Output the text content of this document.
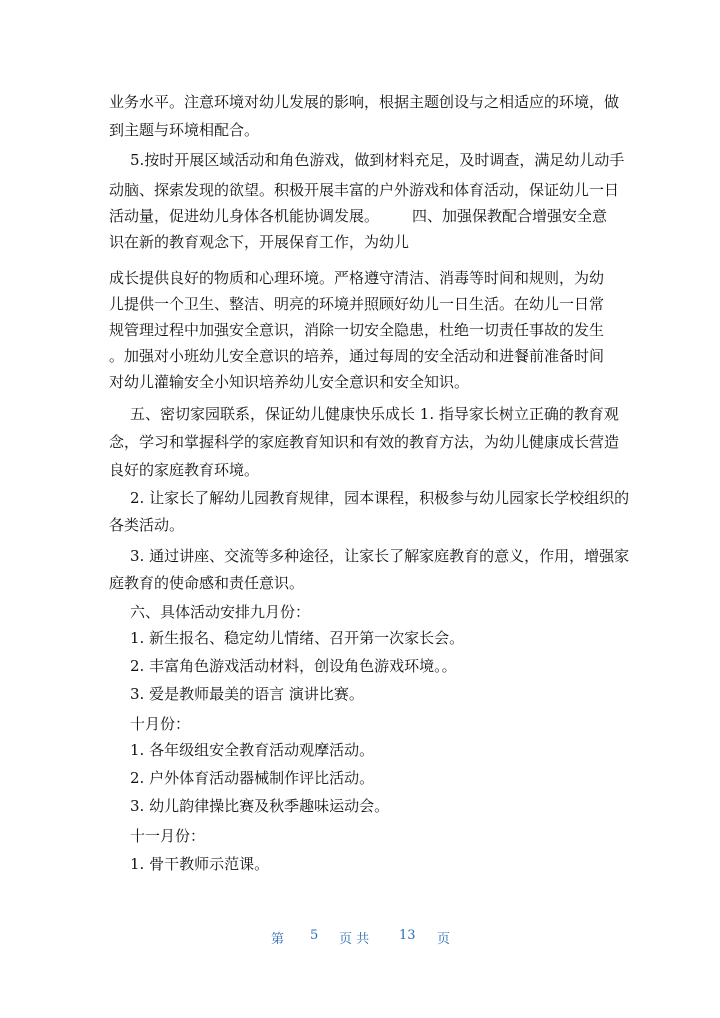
业务水平。注意环境对幼儿发展的影响，根据主题创设与之相适应的环境，做
到主题与环境相配合。
5.按时开展区域活动和角色游戏，做到材料充足，及时调查，满足幼儿动手
动脑、探索发现的欲望。积极开展丰富的户外游戏和体育活动，保证幼儿一日
活动量，促进幼儿身体各机能协调发展。 四、加强保教配合增强安全意
识在新的教育观念下，开展保育工作，为幼儿
成长提供良好的物质和心理环境。严格遵守清洁、消毒等时间和规则，为幼
儿提供一个卫生、整洁、明亮的环境并照顾好幼儿一日生活。在幼儿一日常
规管理过程中加强安全意识，消除一切安全隐患，杜绝一切责任事故的发生
。加强对小班幼儿安全意识的培养，通过每周的安全活动和进餐前准备时间
对幼儿灌输安全小知识培养幼儿安全意识和安全知识。
五、密切家园联系，保证幼儿健康快乐成长 1. 指导家长树立正确的教育观
念，学习和掌握科学的家庭教育知识和有效的教育方法，为幼儿健康成长营造
良好的家庭教育环境。
2. 让家长了解幼儿园教育规律，园本课程，积极参与幼儿园家长学校组织的
各类活动。
3. 通过讲座、交流等多种途径，让家长了解家庭教育的意义，作用，增强家
庭教育的使命感和责任意识。
六、具体活动安排九月份：
1. 新生报名、稳定幼儿情绪、召开第一次家长会。
2. 丰富角色游戏活动材料，创设角色游戏环境。。
3. 爱是教师最美的语言 演讲比赛。
十月份：
1. 各年级组安全教育活动观摩活动。
2. 户外体育活动器械制作评比活动。
3. 幼儿韵律操比赛及秋季趣味运动会。
十一月份：
1. 骨干教师示范课。
第 5 页 共 13 页
